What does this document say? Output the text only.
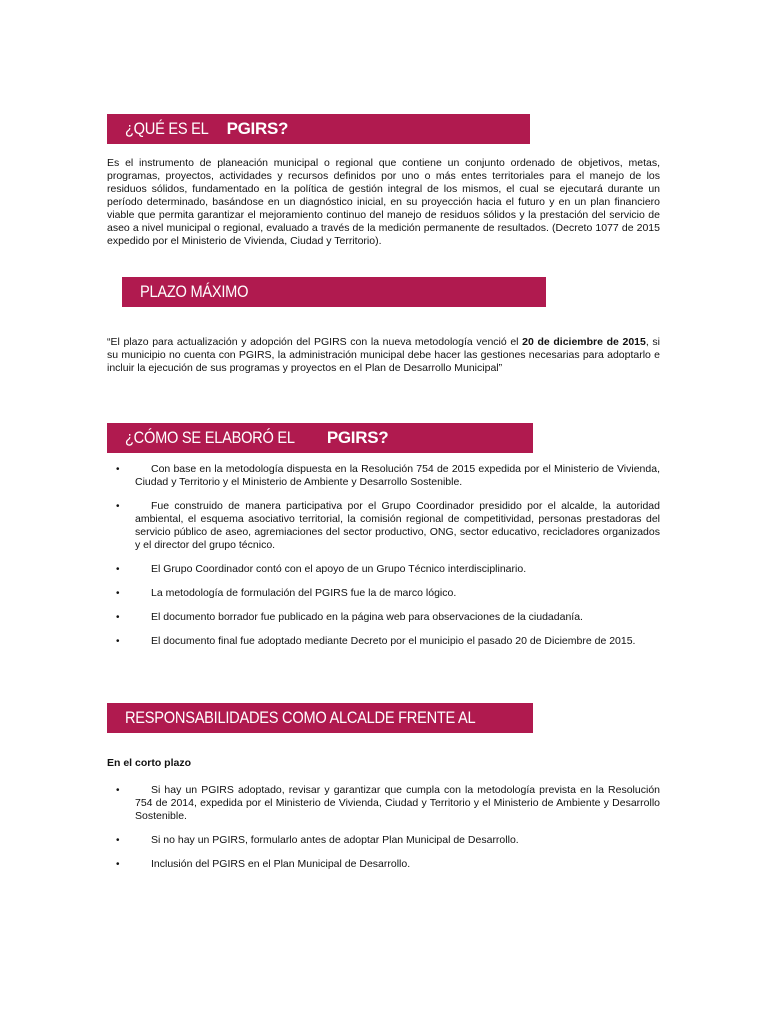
¿QUÉ ES EL PGIRS?
Es el instrumento de planeación municipal o regional que contiene un conjunto ordenado de objetivos, metas, programas, proyectos, actividades y recursos definidos por uno o más entes territoriales para el manejo de los residuos sólidos, fundamentado en la política de gestión integral de los mismos, el cual se ejecutará durante un período determinado, basándose en un diagnóstico inicial, en su proyección hacia el futuro y en un plan financiero viable que permita garantizar el mejoramiento continuo del manejo de residuos sólidos y la prestación del servicio de aseo a nivel municipal o regional, evaluado a través de la medición permanente de resultados. (Decreto 1077 de 2015 expedido por el Ministerio de Vivienda, Ciudad y Territorio).
PLAZO MÁXIMO
“El plazo para actualización y adopción del PGIRS con la nueva metodología venció el 20 de diciembre de 2015, si su municipio no cuenta con PGIRS, la administración municipal debe hacer las gestiones necesarias para adoptarlo e incluir la ejecución de sus programas y proyectos en el Plan de Desarrollo Municipal”
¿CÓMO SE ELABORÓ EL PGIRS?
•	Con base en la metodología dispuesta en la Resolución 754 de 2015 expedida por el Ministerio de Vivienda, Ciudad y Territorio y el Ministerio de Ambiente y Desarrollo Sostenible.
•	Fue construido de manera participativa por el Grupo Coordinador presidido por el alcalde, la autoridad ambiental, el esquema asociativo territorial, la comisión regional de competitividad, personas prestadoras del servicio público de aseo, agremiaciones del sector productivo, ONG, sector educativo, recicladores organizados y el director del grupo técnico.
•	El Grupo Coordinador contó con el apoyo de un Grupo Técnico interdisciplinario.
•	La metodología de formulación del PGIRS fue la de marco lógico.
•	El documento borrador fue publicado en la página web para observaciones de la ciudadanía.
•	El documento final fue adoptado mediante Decreto por el municipio el pasado 20 de Diciembre de 2015.
RESPONSABILIDADES COMO ALCALDE FRENTE AL	PGIRS
En el corto plazo
•	Si hay un PGIRS adoptado, revisar y garantizar que cumpla con la metodología prevista en la Resolución 754 de 2014, expedida por el Ministerio de Vivienda, Ciudad y Territorio y el Ministerio de Ambiente y Desarrollo Sostenible.
•	Si no hay un PGIRS, formularlo antes de adoptar Plan Municipal de Desarrollo.
•	Inclusión del PGIRS en el Plan Municipal de Desarrollo.
